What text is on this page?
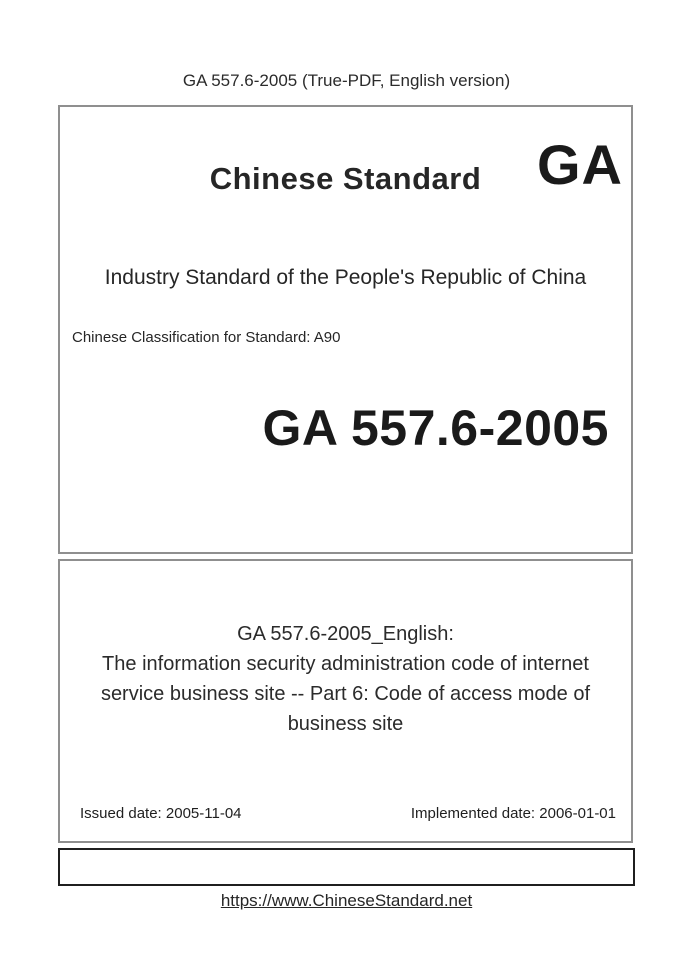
GA 557.6-2005 (True-PDF, English version)
Chinese Standard GA
Industry Standard of the People's Republic of China
Chinese Classification for Standard: A90
GA 557.6-2005
GA 557.6-2005_English:
The information security administration code of internet
service business site -- Part 6: Code of access mode of
business site
Issued date: 2005-11-04	Implemented date: 2006-01-01
https://www.ChineseStandard.net
